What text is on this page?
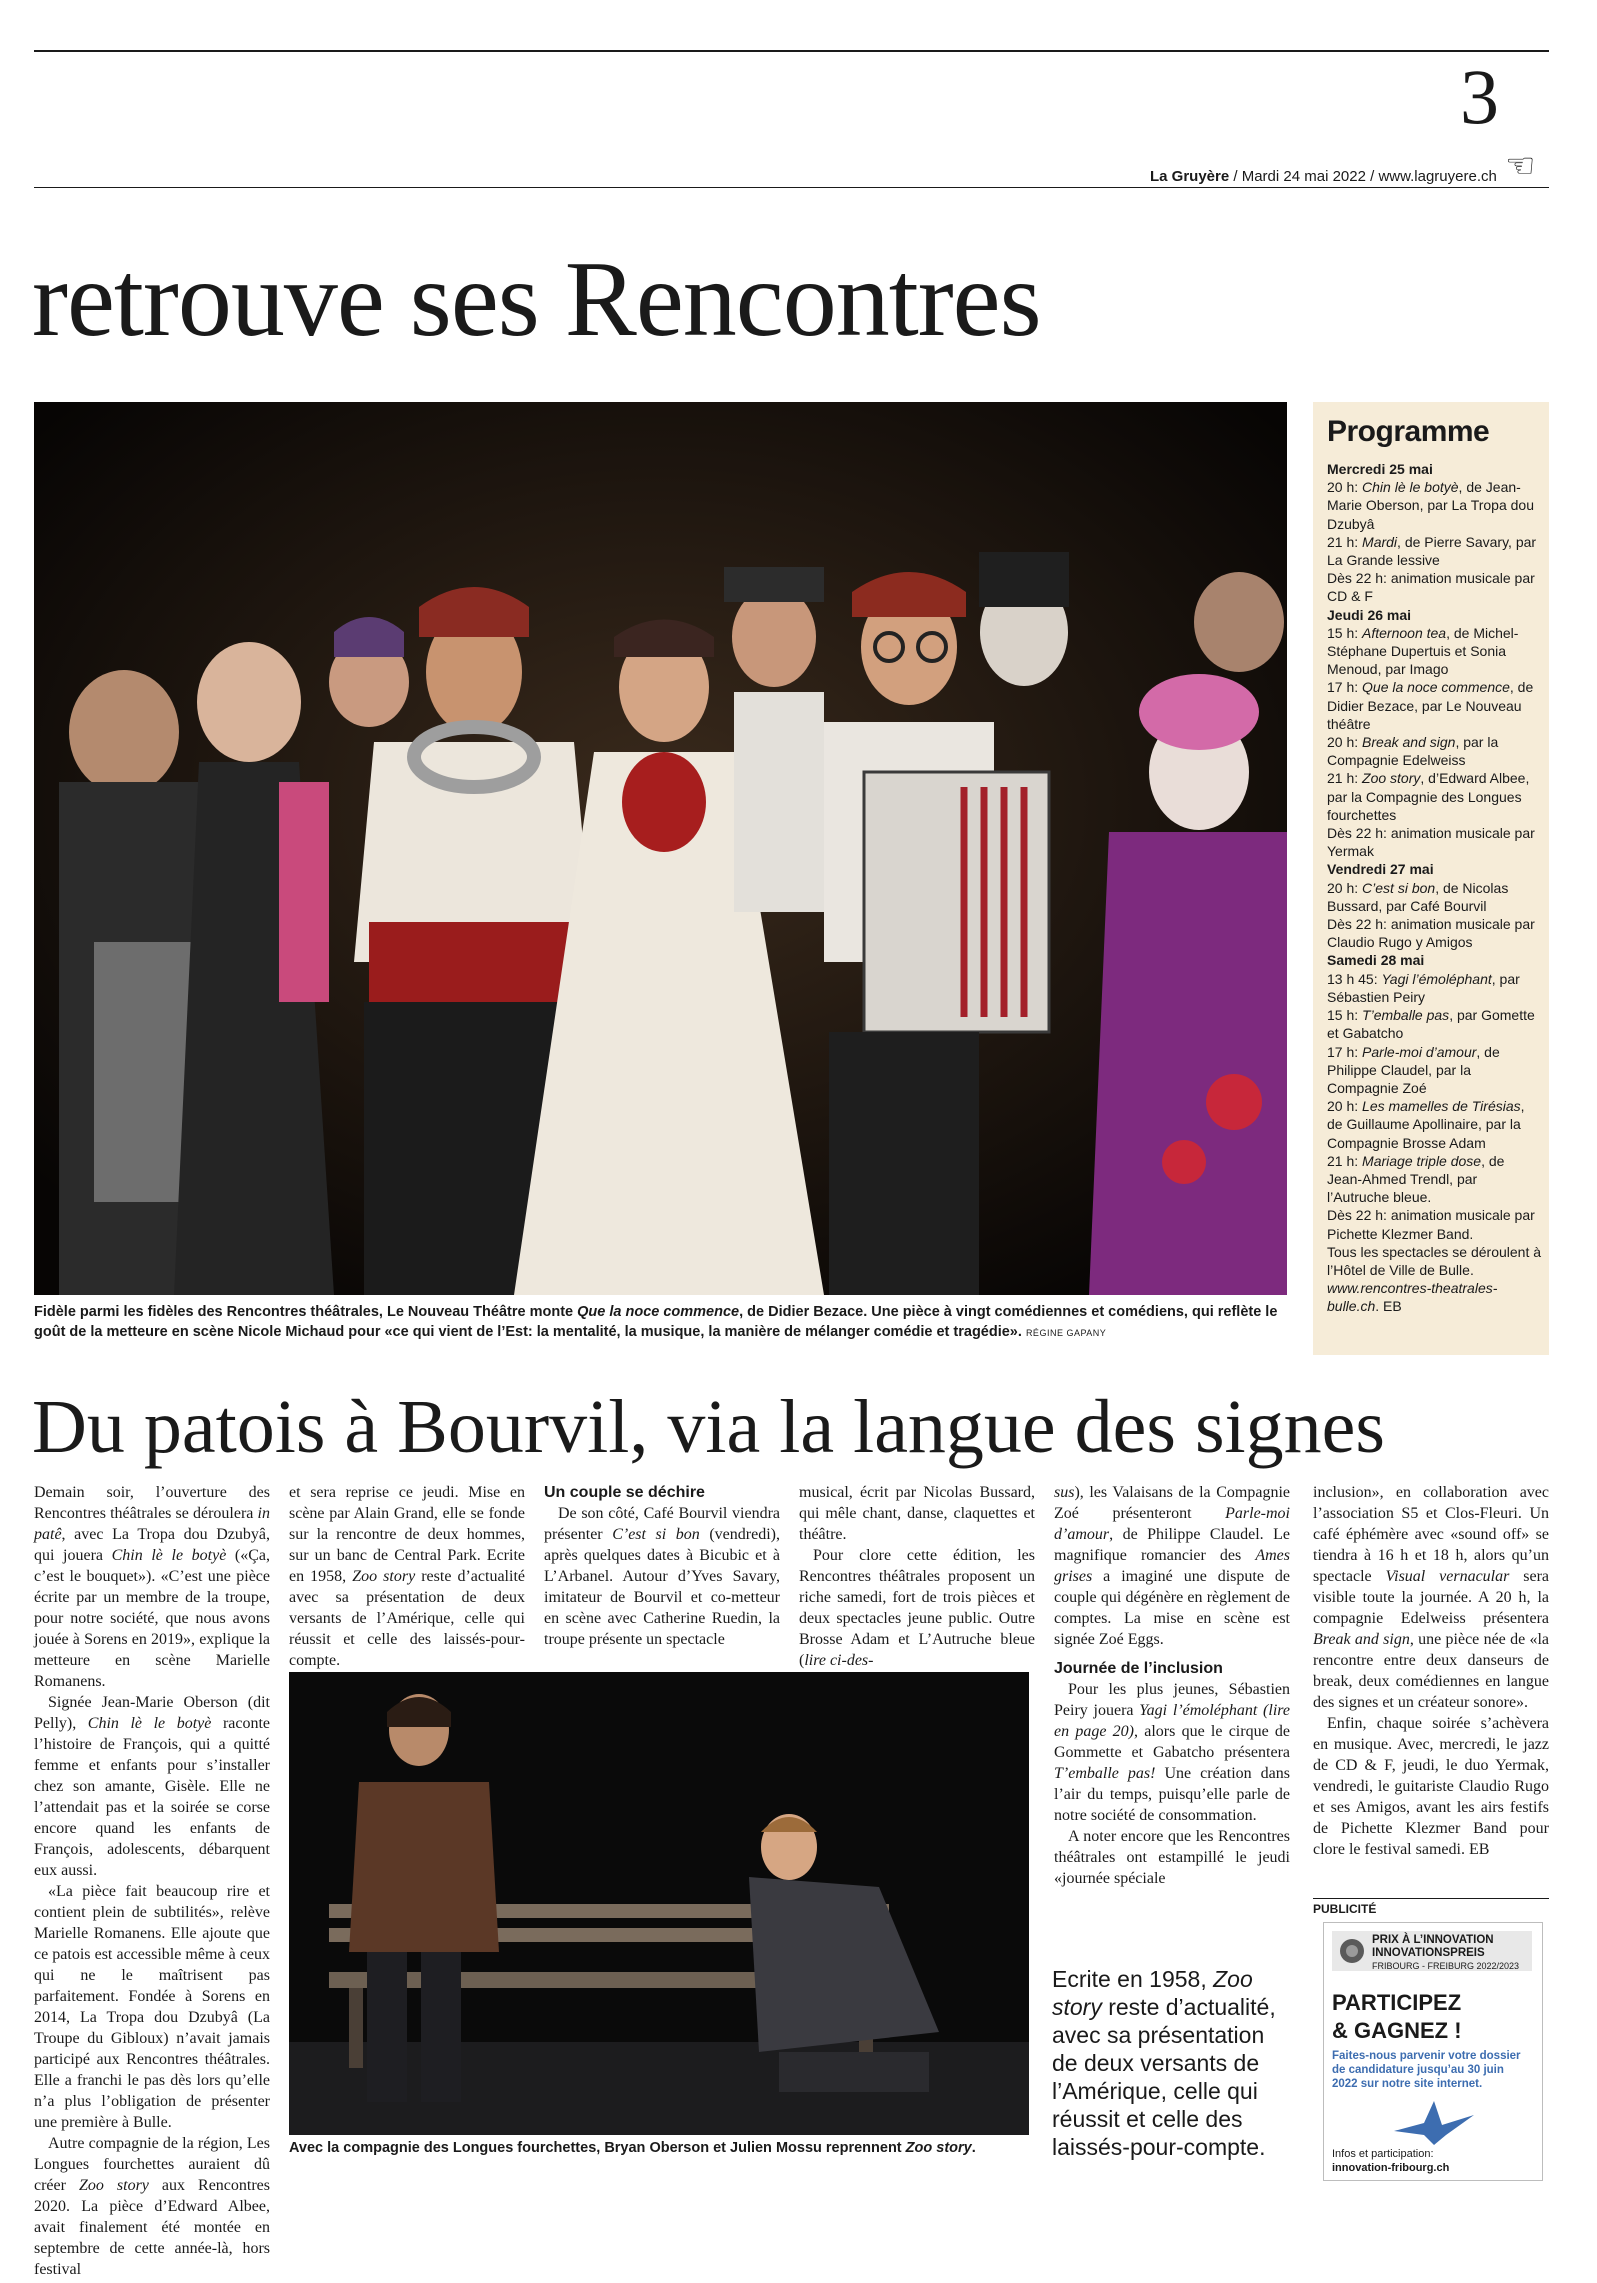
3
☜
La Gruyère / Mardi 24 mai 2022 / www.lagruyere.ch
retrouve ses Rencontres
Fidèle parmi les fidèles des Rencontres théâtrales, Le Nouveau Théâtre monte Que la noce commence, de Didier Bezace. Une pièce à vingt comédiennes et comédiens, qui reflète le goût de la metteure en scène Nicole Michaud pour «ce qui vient de l’Est: la mentalité, la musique, la manière de mélanger comédie et tragédie». RÉGINE GAPANY
Programme
Mercredi 25 mai
20 h: Chin lè le botyè, de Jean-Marie Oberson, par La Tropa dou Dzubyâ
21 h: Mardi, de Pierre Savary, par La Grande lessive
Dès 22 h: animation musicale par CD & F
Jeudi 26 mai
15 h: Afternoon tea, de Michel-Stéphane Dupertuis et Sonia Menoud, par Imago
17 h: Que la noce commence, de Didier Bezace, par Le Nouveau théâtre
20 h: Break and sign, par la Compagnie Edelweiss
21 h: Zoo story, d’Edward Albee, par la Compagnie des Longues fourchettes
Dès 22 h: animation musicale par Yermak
Vendredi 27 mai
20 h: C’est si bon, de Nicolas Bussard, par Café Bourvil
Dès 22 h: animation musicale par Claudio Rugo y Amigos
Samedi 28 mai
13 h 45: Yagi l’émoléphant, par Sébastien Peiry
15 h: T’emballe pas, par Gomette et Gabatcho
17 h: Parle-moi d’amour, de Philippe Claudel, par la Compagnie Zoé
20 h: Les mamelles de Tirésias, de Guillaume Apollinaire, par la Compagnie Brosse Adam
21 h: Mariage triple dose, de Jean-Ahmed Trendl, par l’Autruche bleue.
Dès 22 h: animation musicale par Pichette Klezmer Band.
Tous les spectacles se déroulent à l’Hôtel de Ville de Bulle.
www.rencontres-theatrales-bulle.ch. EB
Du patois à Bourvil, via la langue des signes

Demain soir, l’ouverture des Rencontres théâtrales se déroulera in patê, avec La Tropa dou Dzubyâ, qui jouera Chin lè le botyè («Ça, c’est le bouquet»). «C’est une pièce écrite par un membre de la troupe, pour notre société, que nous avons jouée à Sorens en 2019», explique la metteure en scène Marielle Romanens.

Signée Jean-Marie Oberson (dit Pelly), Chin lè le botyè raconte l’histoire de François, qui a quitté femme et enfants pour s’installer chez son amante, Gisèle. Elle ne l’attendait pas et la soirée se corse encore quand les enfants de François, adolescents, débarquent eux aussi.

«La pièce fait beaucoup rire et contient plein de subtilités», relève Marielle Romanens. Elle ajoute que ce patois est accessible même à ceux qui ne le maîtrisent pas parfaitement. Fondée à Sorens en 2014, La Tropa dou Dzubyâ (La Troupe du Gibloux) n’avait jamais participé aux Rencontres théâtrales. Elle a franchi le pas dès lors qu’elle n’a plus l’obligation de présenter une première à Bulle.

Autre compagnie de la région, Les Longues fourchettes auraient dû créer Zoo story aux Rencontres 2020. La pièce d’Edward Albee, avait finalement été montée en septembre de cette année-là, hors festival

et sera reprise ce jeudi. Mise en scène par Alain Grand, elle se fonde sur la rencontre de deux hommes, sur un banc de Central Park. Ecrite en 1958, Zoo story reste d’actualité avec sa présentation de deux versants de l’Amérique, celle qui réussit et celle des laissés-pour-compte.

Un couple se déchire

De son côté, Café Bourvil viendra présenter C’est si bon (vendredi), après quelques dates à Bicubic et à L’Arbanel. Autour d’Yves Savary, imitateur de Bourvil et co-metteur en scène avec Catherine Ruedin, la troupe présente un spectacle

musical, écrit par Nicolas Bussard, qui mêle chant, danse, claquettes et théâtre.

Pour clore cette édition, les Rencontres théâtrales proposent un riche samedi, fort de trois pièces et deux spectacles jeune public. Outre Brosse Adam et L’Autruche bleue (lire ci-des-

sus), les Valaisans de la Compagnie Zoé présenteront Parle-moi d’amour, de Philippe Claudel. Le magnifique romancier des Ames grises a imaginé une dispute de couple qui dégénère en règlement de comptes. La mise en scène est signée Zoé Eggs.

Journée de l’inclusion

Pour les plus jeunes, Sébastien Peiry jouera Yagi l’émoléphant (lire en page 20), alors que le cirque de Gommette et Gabatcho présentera T’emballe pas! Une création dans l’air du temps, puisqu’elle parle de notre société de consommation.

A noter encore que les Rencontres théâtrales ont estampillé le jeudi «journée spéciale

inclusion», en collaboration avec l’association S5 et Clos-Fleuri. Un café éphémère avec «sound off» se tiendra à 16 h et 18 h, alors qu’un spectacle Visual vernacular sera visible toute la journée. A 20 h, la compagnie Edelweiss présentera Break and sign, une pièce née de «la rencontre entre deux danseurs de break, deux comédiennes en langue des signes et un créateur sonore».

Enfin, chaque soirée s’achèvera en musique. Avec, mercredi, le jazz de CD & F, jeudi, le duo Yermak, vendredi, le guitariste Claudio Rugo et ses Amigos, avant les airs festifs de Pichette Klezmer Band pour clore le festival samedi. EB

Avec la compagnie des Longues fourchettes, Bryan Oberson et Julien Mossu reprennent Zoo story.
Ecrite en 1958, Zoo story reste d’actualité, avec sa présentation de deux versants de l’Amérique, celle qui réussit et celle des laissés-pour-compte.
PUBLICITÉ
PRIX À L’INNOVATION INNOVATIONSPREIS
FRIBOURG - FREIBURG 2022/2023
PARTICIPEZ
& GAGNEZ !
Faites-nous parvenir votre dossier de candidature jusqu’au 30 juin 2022 sur notre site internet.
Infos et participation:
innovation-fribourg.ch
